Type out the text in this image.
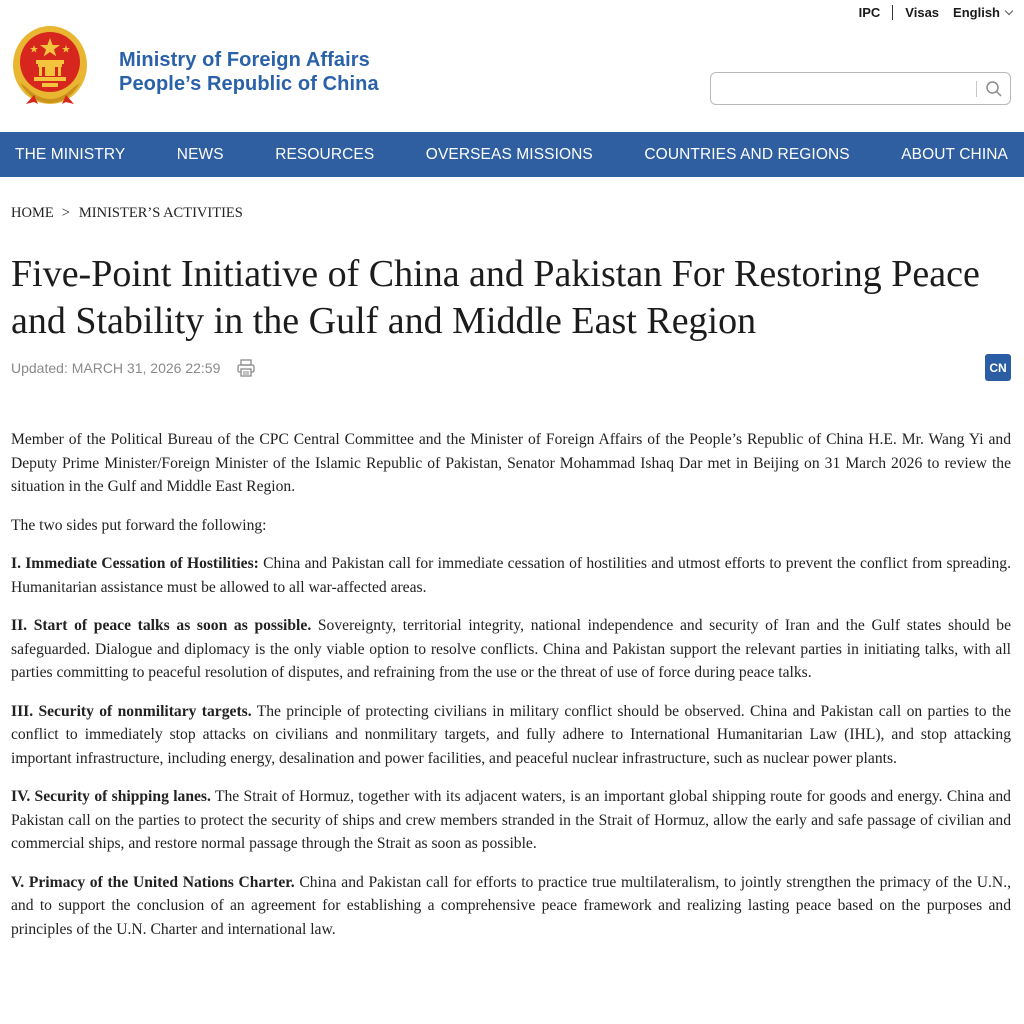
IPC Visas English
Ministry of Foreign Affairs
People’s Republic of China
THE MINISTRY	NEWS	RESOURCES	OVERSEAS MISSIONS	COUNTRIES AND REGIONS	ABOUT CHINA
HOME > MINISTER’S ACTIVITIES
Five-Point Initiative of China and Pakistan For Restoring Peace and Stability in the Gulf and Middle East Region
Updated: MARCH 31, 2026 22:59	CN

Member of the Political Bureau of the CPC Central Committee and the Minister of Foreign Affairs of the People’s Republic of China H.E. Mr. Wang Yi and Deputy Prime Minister/Foreign Minister of the Islamic Republic of Pakistan, Senator Mohammad Ishaq Dar met in Beijing on 31 March 2026 to review the situation in the Gulf and Middle East Region.

The two sides put forward the following:

I. Immediate Cessation of Hostilities: China and Pakistan call for immediate cessation of hostilities and utmost efforts to prevent the conflict from spreading. Humanitarian assistance must be allowed to all war-affected areas.

II. Start of peace talks as soon as possible. Sovereignty, territorial integrity, national independence and security of Iran and the Gulf states should be safeguarded. Dialogue and diplomacy is the only viable option to resolve conflicts. China and Pakistan support the relevant parties in initiating talks, with all parties committing to peaceful resolution of disputes, and refraining from the use or the threat of use of force during peace talks.

III. Security of nonmilitary targets. The principle of protecting civilians in military conflict should be observed. China and Pakistan call on parties to the conflict to immediately stop attacks on civilians and nonmilitary targets, and fully adhere to International Humanitarian Law (IHL), and stop attacking important infrastructure, including energy, desalination and power facilities, and peaceful nuclear infrastructure, such as nuclear power plants.

IV. Security of shipping lanes. The Strait of Hormuz, together with its adjacent waters, is an important global shipping route for goods and energy. China and Pakistan call on the parties to protect the security of ships and crew members stranded in the Strait of Hormuz, allow the early and safe passage of civilian and commercial ships, and restore normal passage through the Strait as soon as possible.

V. Primacy of the United Nations Charter. China and Pakistan call for efforts to practice true multilateralism, to jointly strengthen the primacy of the U.N., and to support the conclusion of an agreement for establishing a comprehensive peace framework and realizing lasting peace based on the purposes and principles of the U.N. Charter and international law.
